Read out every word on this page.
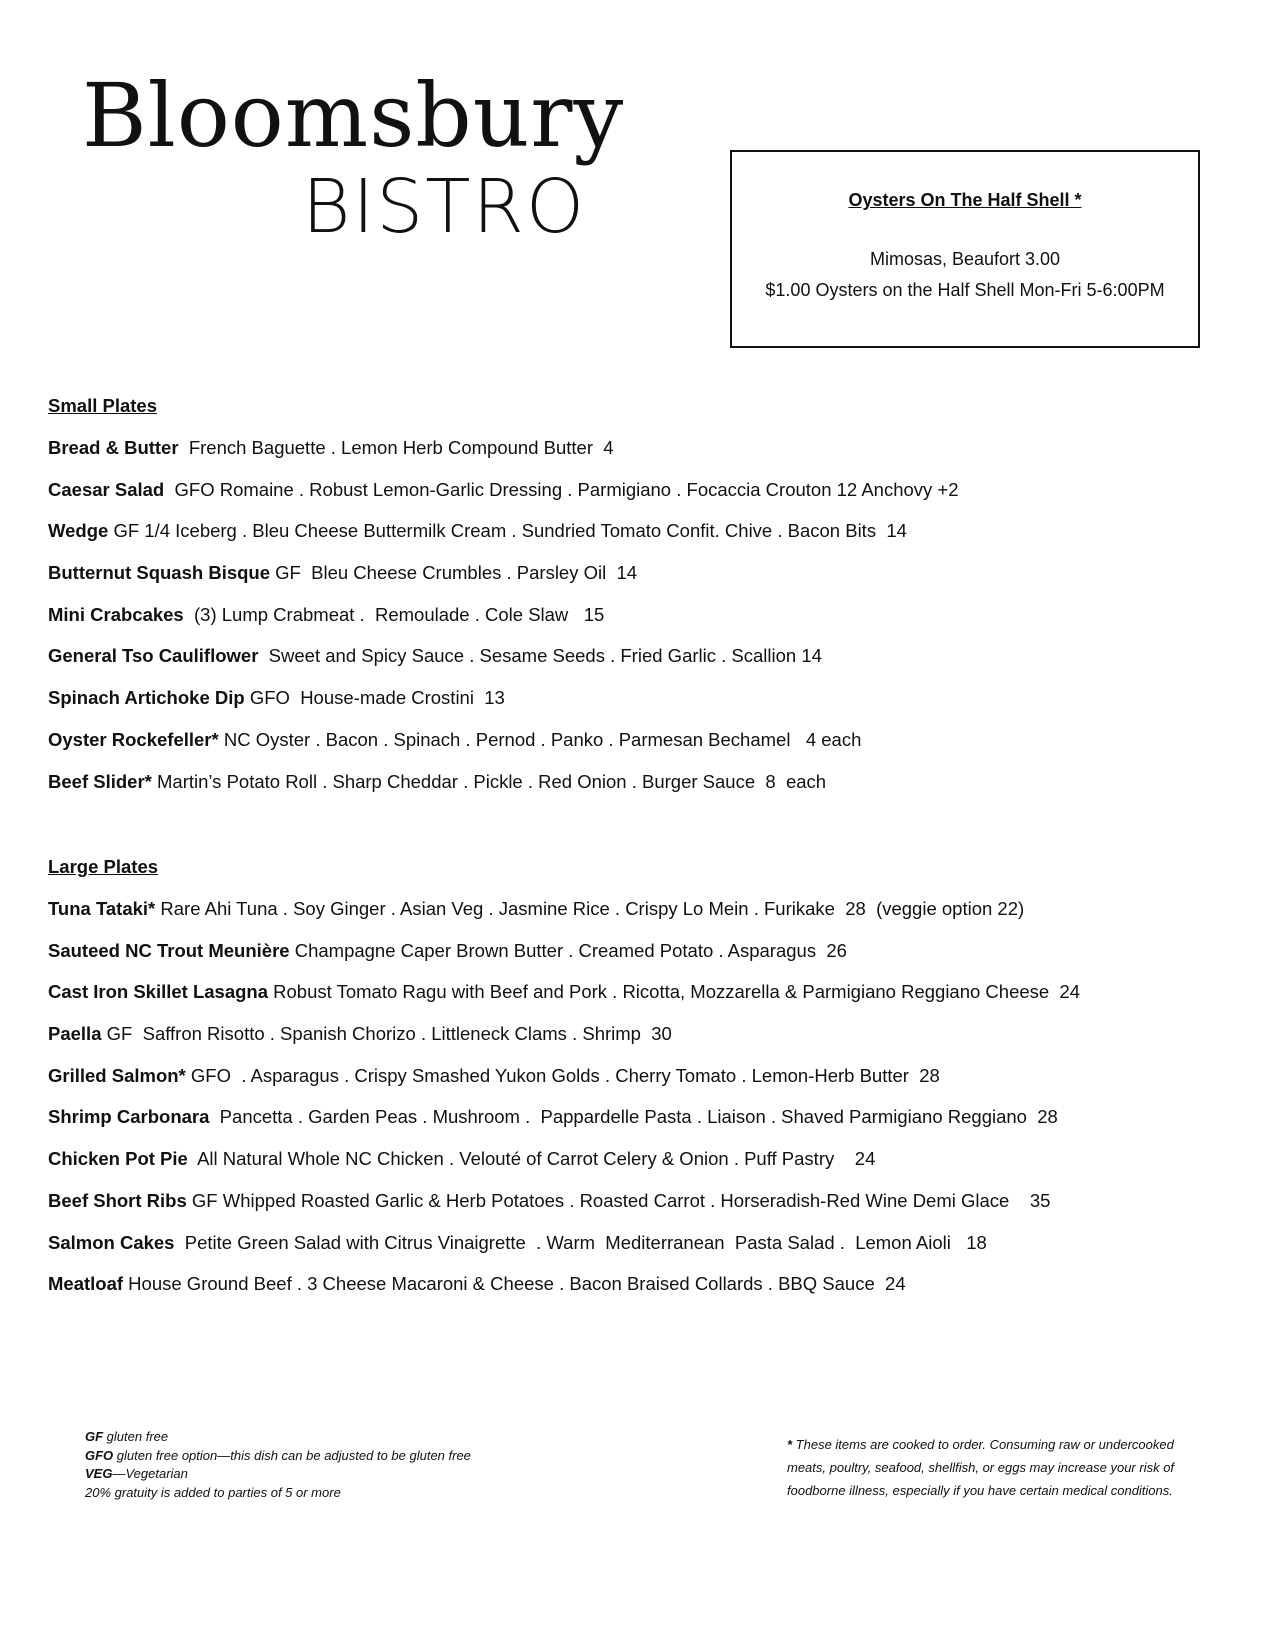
Bloomsbury
BISTRO	Oysters On The Half Shell *
Mimosas, Beaufort 3.00
$1.00 Oysters on the Half Shell Mon-Fri 5-6:00PM
Small Plates
Bread & Butter  French Baguette . Lemon Herb Compound Butter  4
Caesar Salad  GFO Romaine . Robust Lemon-Garlic Dressing . Parmigiano . Focaccia Crouton 12 Anchovy +2
Wedge GF 1/4 Iceberg . Bleu Cheese Buttermilk Cream . Sundried Tomato Confit. Chive . Bacon Bits  14
Butternut Squash Bisque GF  Bleu Cheese Crumbles . Parsley Oil  14
Mini Crabcakes  (3) Lump Crabmeat .  Remoulade . Cole Slaw   15
General Tso Cauliflower  Sweet and Spicy Sauce . Sesame Seeds . Fried Garlic . Scallion 14
Spinach Artichoke Dip GFO  House-made Crostini  13
Oyster Rockefeller* NC Oyster . Bacon . Spinach . Pernod . Panko . Parmesan Bechamel   4 each
Beef Slider* Martin’s Potato Roll . Sharp Cheddar . Pickle . Red Onion . Burger Sauce  8  each
Large Plates
Tuna Tataki* Rare Ahi Tuna . Soy Ginger . Asian Veg . Jasmine Rice . Crispy Lo Mein . Furikake  28  (veggie option 22)
Sauteed NC Trout Meunière Champagne Caper Brown Butter . Creamed Potato . Asparagus  26
Cast Iron Skillet Lasagna Robust Tomato Ragu with Beef and Pork . Ricotta, Mozzarella & Parmigiano Reggiano Cheese  24
Paella GF  Saffron Risotto . Spanish Chorizo . Littleneck Clams . Shrimp  30
Grilled Salmon* GFO  . Asparagus . Crispy Smashed Yukon Golds . Cherry Tomato . Lemon-Herb Butter  28
Shrimp Carbonara  Pancetta . Garden Peas . Mushroom .  Pappardelle Pasta . Liaison . Shaved Parmigiano Reggiano  28
Chicken Pot Pie  All Natural Whole NC Chicken . Velouté of Carrot Celery & Onion . Puff Pastry    24
Beef Short Ribs GF Whipped Roasted Garlic & Herb Potatoes . Roasted Carrot . Horseradish-Red Wine Demi Glace    35
Salmon Cakes  Petite Green Salad with Citrus Vinaigrette  . Warm  Mediterranean  Pasta Salad .  Lemon Aioli   18
Meatloaf House Ground Beef . 3 Cheese Macaroni & Cheese . Bacon Braised Collards . BBQ Sauce  24
GF gluten free
GFO gluten free option—this dish can be adjusted to be gluten free
VEG—Vegetarian
20% gratuity is added to parties of 5 or more
* These items are cooked to order. Consuming raw or undercooked meats, poultry, seafood, shellfish, or eggs may increase your risk of foodborne illness, especially if you have certain medical conditions.
